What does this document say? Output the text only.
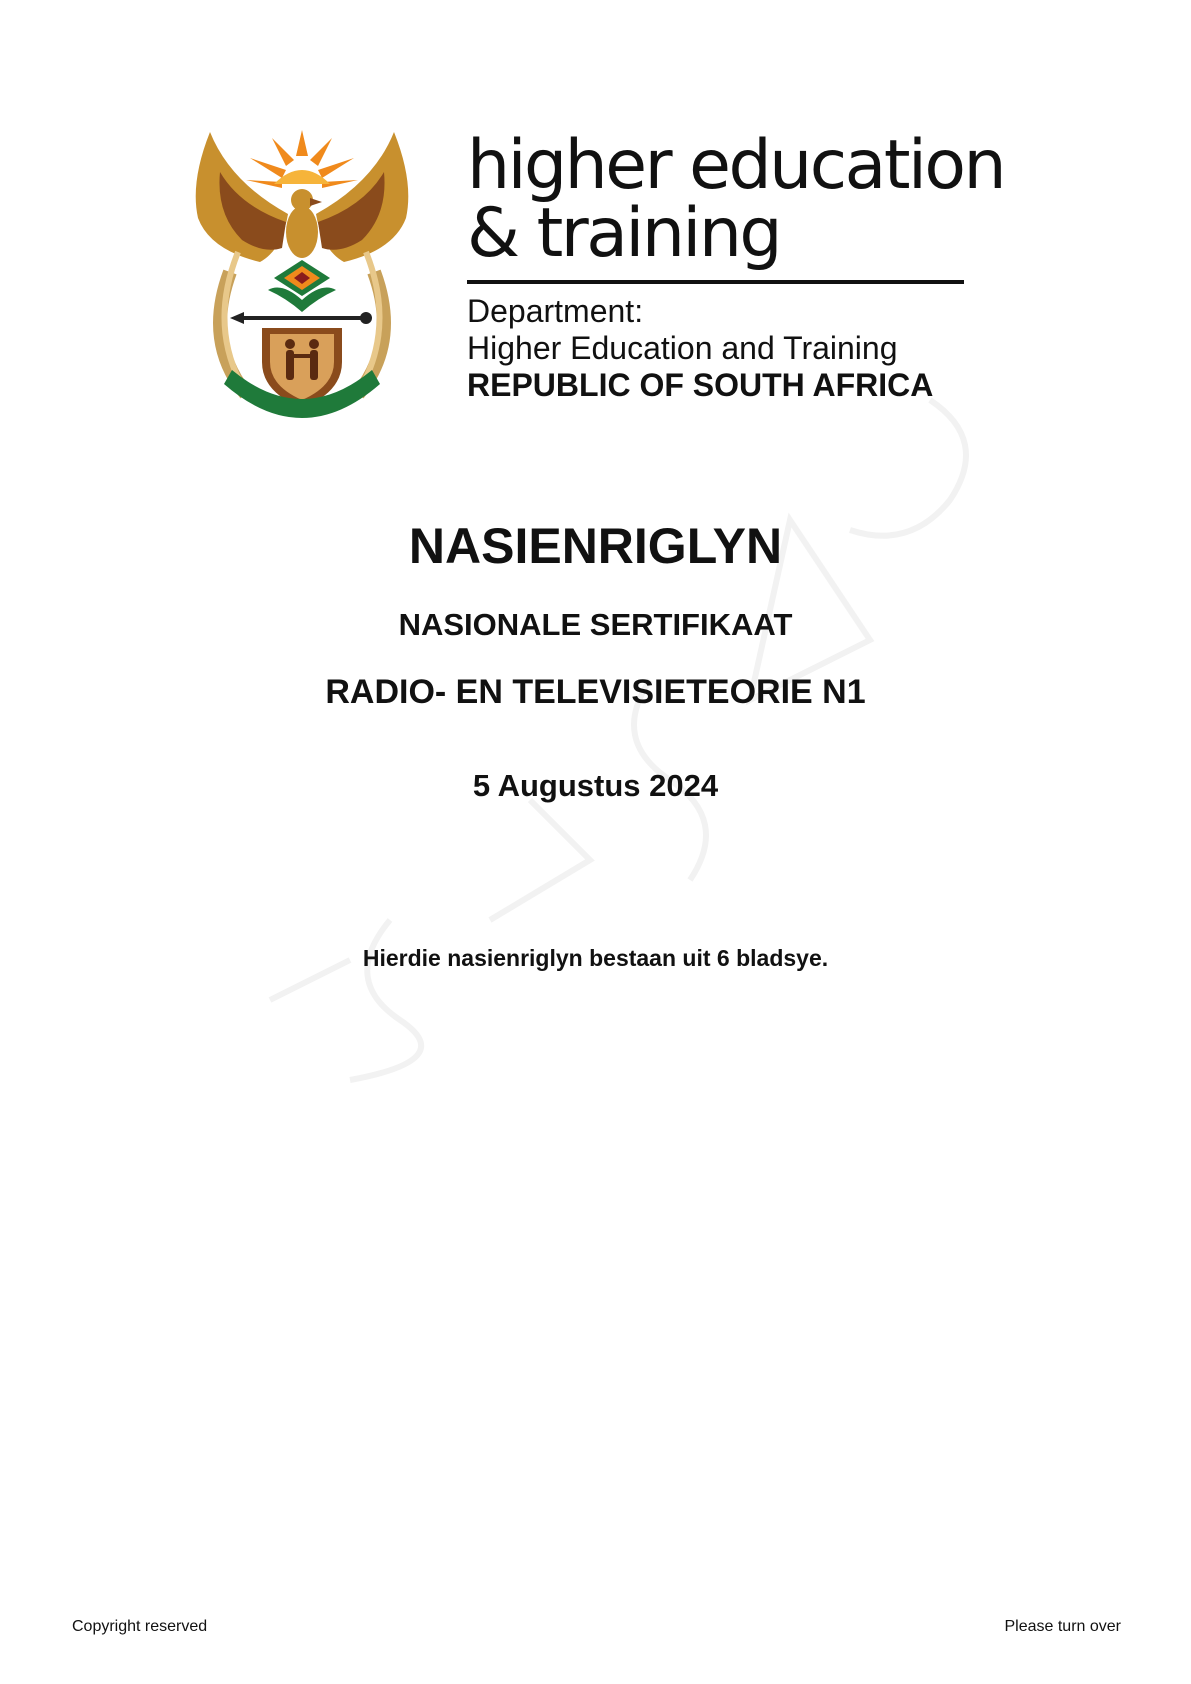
higher education
& training
Department:
Higher Education and Training
REPUBLIC OF SOUTH AFRICA
NASIENRIGLYN
NASIONALE SERTIFIKAAT
RADIO- EN TELEVISIETEORIE N1
5 Augustus 2024
Hierdie nasienriglyn bestaan uit 6 bladsye.
Copyright reserved	Please turn over
